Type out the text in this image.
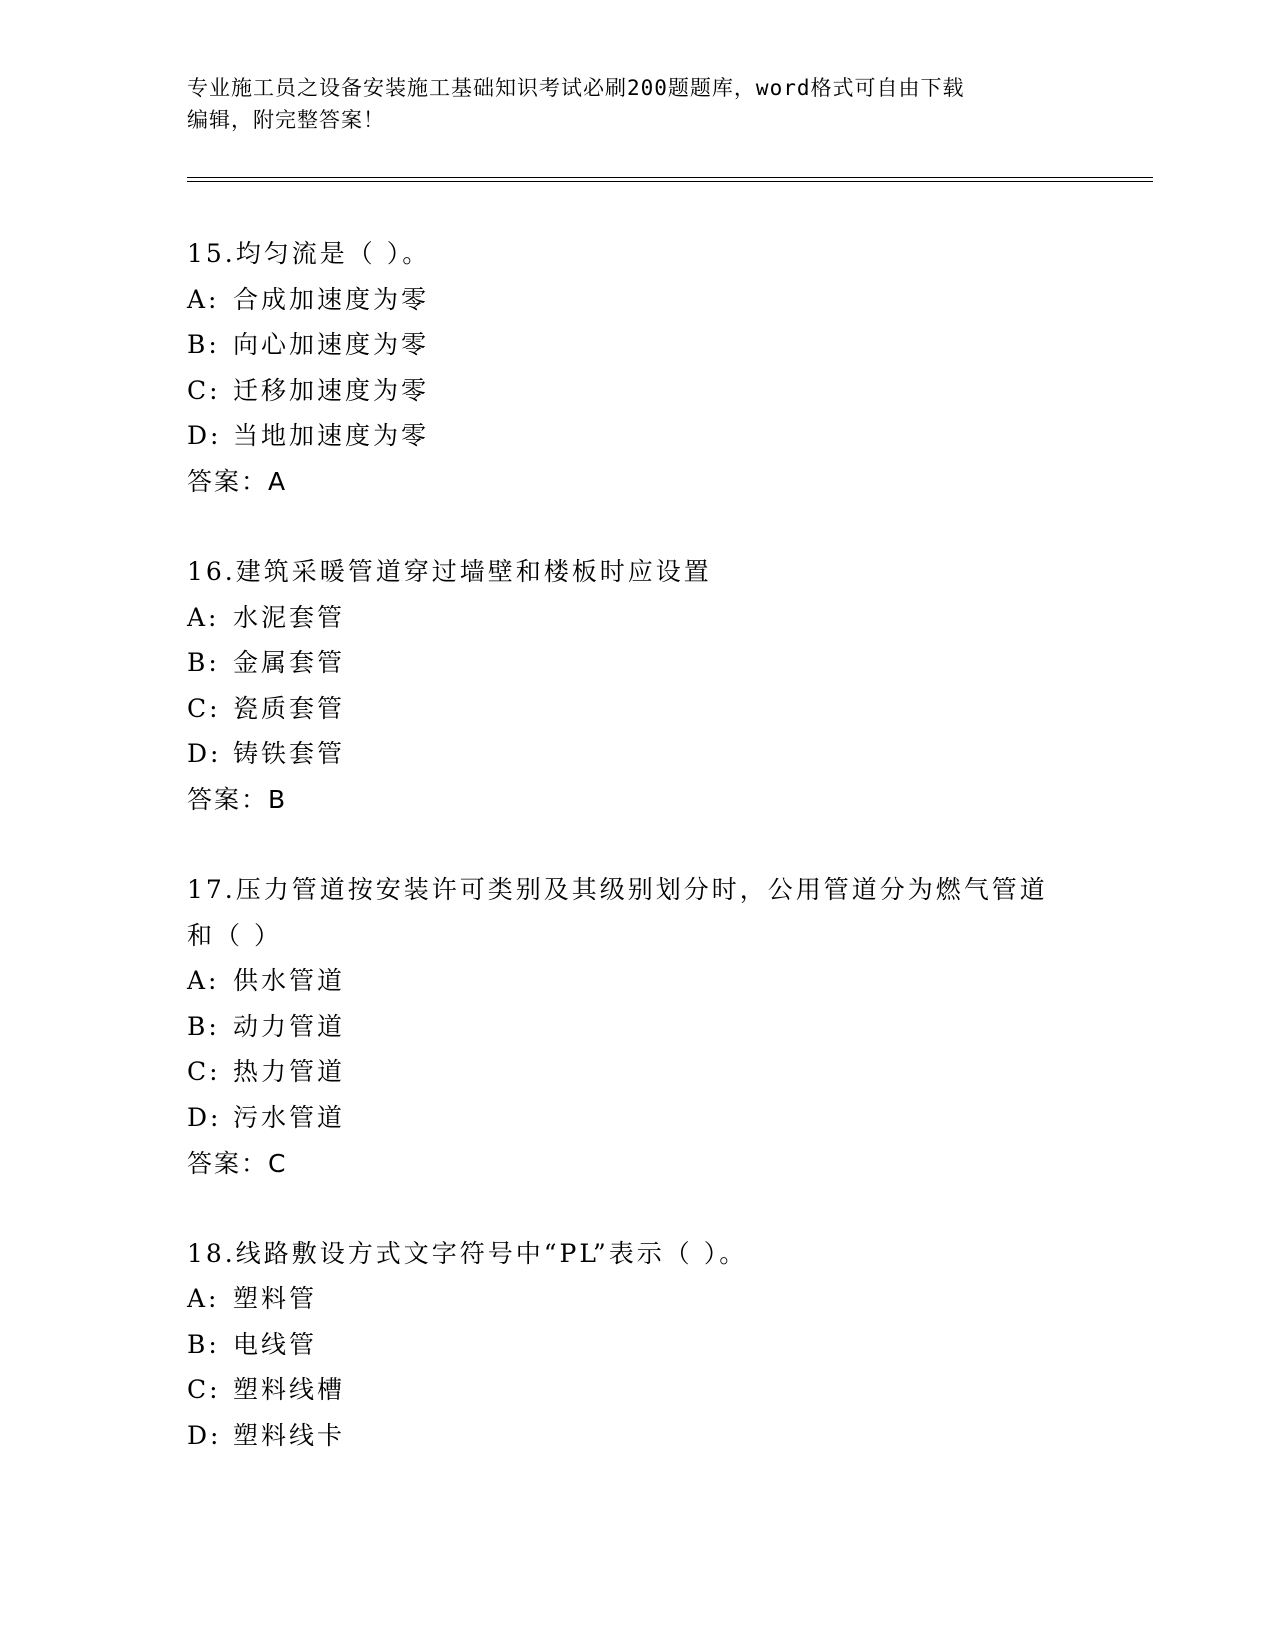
专业施工员之设备安装施工基础知识考试必刷200题题库，word格式可自由下载
编辑，附完整答案！
15.均匀流是（ ）。
A: 合成加速度为零
B: 向心加速度为零
C: 迁移加速度为零
D: 当地加速度为零
答案：A
16.建筑采暖管道穿过墙壁和楼板时应设置
A: 水泥套管
B: 金属套管
C: 瓷质套管
D: 铸铁套管
答案：B
17.压力管道按安装许可类别及其级别划分时，公用管道分为燃气管道
和（ ）
A: 供水管道
B: 动力管道
C: 热力管道
D: 污水管道
答案：C
18.线路敷设方式文字符号中“PL”表示（ ）。
A: 塑料管
B: 电线管
C: 塑料线槽
D: 塑料线卡
